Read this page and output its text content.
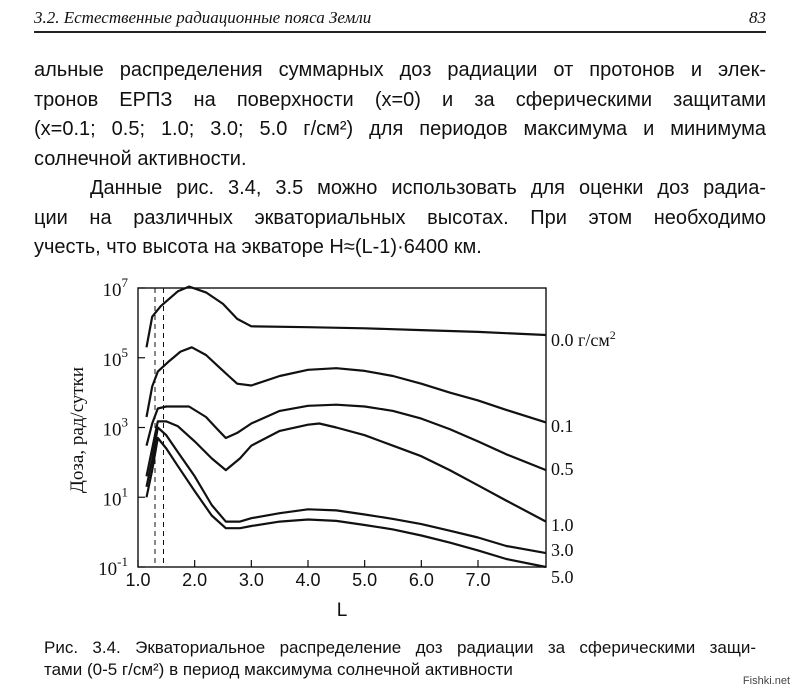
3.2. Естественные радиационные пояса Земли	83
альные распределения суммарных доз радиации от протонов и элек-
тронов ЕРПЗ на поверхности (x=0) и за сферическими защитами
(x=0.1; 0.5; 1.0; 3.0; 5.0 г/см²) для периодов максимума и минимума
солнечной активности.
Данные рис. 3.4, 3.5 можно использовать для оценки доз радиа-
ции на различных экваториальных высотах. При этом необходимо
учесть, что высота на экваторе H≈(L-1)·6400 км.
$10^7$
$10^5$
$10^3$
$10^1$
$10^{-1}$
1.0 2.0 3.0 4.0 5.0 6.0 7.0
0.0 $г/см^2$
0.1
0.5
1.0
3.0
5.0
Доза, рад/сутки
L
Рис. 3.4. Экваториальное распределение доз радиации за сферическими защи-
тами (0-5 г/см²) в период максимума солнечной активности
Fishki.net
